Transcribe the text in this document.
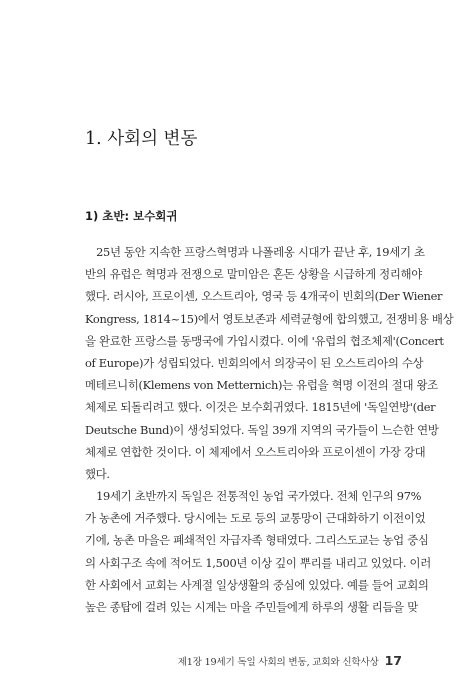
1. 사회의 변동
1) 초반: 보수회귀
　25년 동안 지속한 프랑스혁명과 나폴레옹 시대가 끝난 후, 19세기 초
반의 유럽은 혁명과 전쟁으로 말미암은 혼돈 상황을 시급하게 정리해야
했다. 러시아, 프로이센, 오스트리아, 영국 등 4개국이 빈회의(Der Wiener
Kongress, 1814~15)에서 영토보존과 세력균형에 합의했고, 전쟁비용 배상
을 완료한 프랑스를 동맹국에 가입시켰다. 이에 '유럽의 협조체제'(Concert
of Europe)가 성립되었다. 빈회의에서 의장국이 된 오스트리아의 수상
메테르니히(Klemens von Metternich)는 유럽을 혁명 이전의 절대 왕조
체제로 되돌리려고 했다. 이것은 보수회귀였다. 1815년에 '독일연방'(der
Deutsche Bund)이 생성되었다. 독일 39개 지역의 국가들이 느슨한 연방
체제로 연합한 것이다. 이 체제에서 오스트리아와 프로이센이 가장 강대
했다.
　19세기 초반까지 독일은 전통적인 농업 국가였다. 전체 인구의 97%
가 농촌에 거주했다. 당시에는 도로 등의 교통망이 근대화하기 이전이었
기에, 농촌 마을은 폐쇄적인 자급자족 형태였다. 그리스도교는 농업 중심
의 사회구조 속에 적어도 1,500년 이상 깊이 뿌리를 내리고 있었다. 이러
한 사회에서 교회는 사계절 일상생활의 중심에 있었다. 예를 들어 교회의
높은 종탑에 걸려 있는 시계는 마을 주민들에게 하루의 생활 리듬을 맞
제1장 19세기 독일 사회의 변동, 교회와 신학사상 17
